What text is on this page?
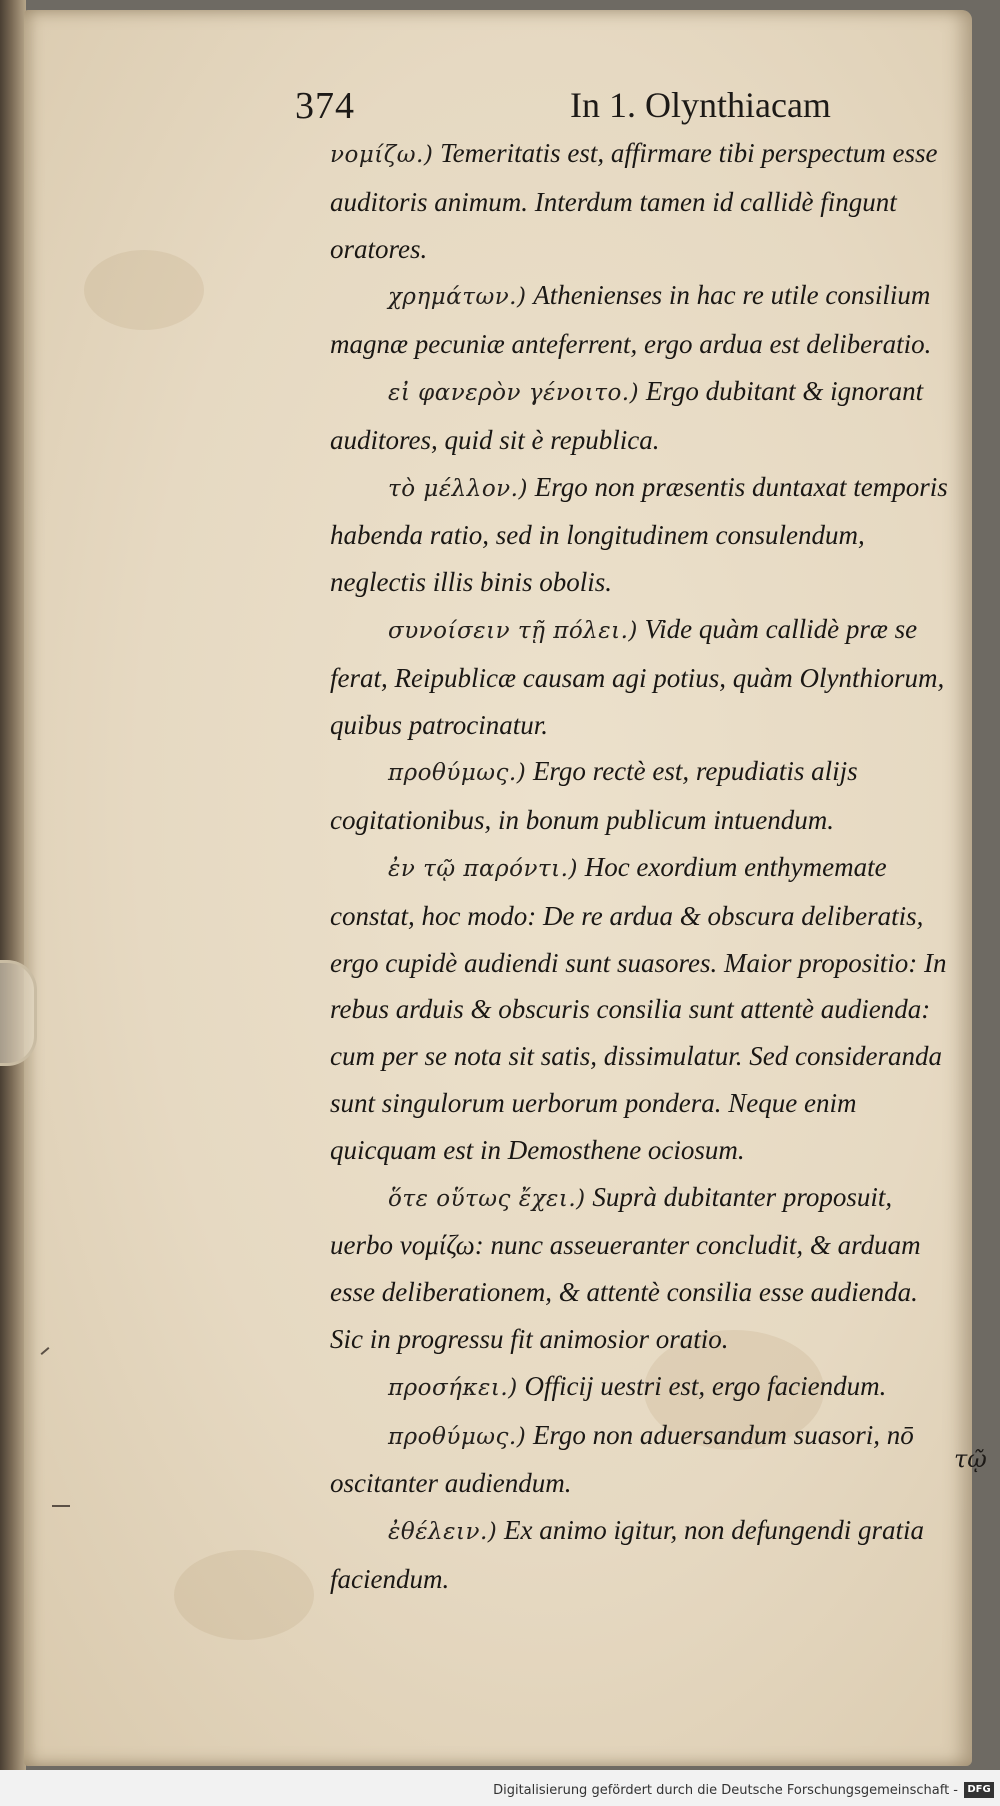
374	In 1. Olynthiacam

νομίζω.) Temeritatis est, affirmare tibi perspectum esse auditoris animum. Interdum tamen id callidè fingunt oratores.

χρημάτων.) Athenienses in hac re utile consilium magnæ pecuniæ anteferrent, ergo ardua est deliberatio.

εἰ φανερὸν γένοιτο.) Ergo dubitant & ignorant auditores, quid sit è republica.

τὸ μέλλον.) Ergo non præsentis duntaxat temporis habenda ratio, sed in longitudinem consulendum, neglectis illis binis obolis.

συνοίσειν τῇ πόλει.) Vide quàm callidè præ se ferat, Reipublicæ causam agi potius, quàm Olynthiorum, quibus patrocinatur.

προθύμως.) Ergo rectè est, repudiatis alijs cogitationibus, in bonum publicum intuendum.

ἐν τῷ παρόντι.) Hoc exordium enthymemate constat, hoc modo: De re ardua & obscura deliberatis, ergo cupidè audiendi sunt suasores. Maior propositio: In rebus arduis & obscuris consilia sunt attentè audienda: cum per se nota sit satis, dissimulatur. Sed consideranda sunt singulorum uerborum pondera. Neque enim quicquam est in Demosthene ociosum.

ὅτε οὕτως ἔχει.) Suprà dubitanter proposuit, uerbo νομίζω: nunc asseueranter concludit, & arduam esse deliberationem, & attentè consilia esse audienda. Sic in progressu fit animosior oratio.

προσήκει.) Officij uestri est, ergo faciendum.

προθύμως.) Ergo non aduersandum suasori, nō oscitanter audiendum.

ἐθέλειν.) Ex animo igitur, non defungendi gratia faciendum.

τῷ
Digitalisierung gefördert durch die Deutsche Forschungsgemeinschaft - DFG
